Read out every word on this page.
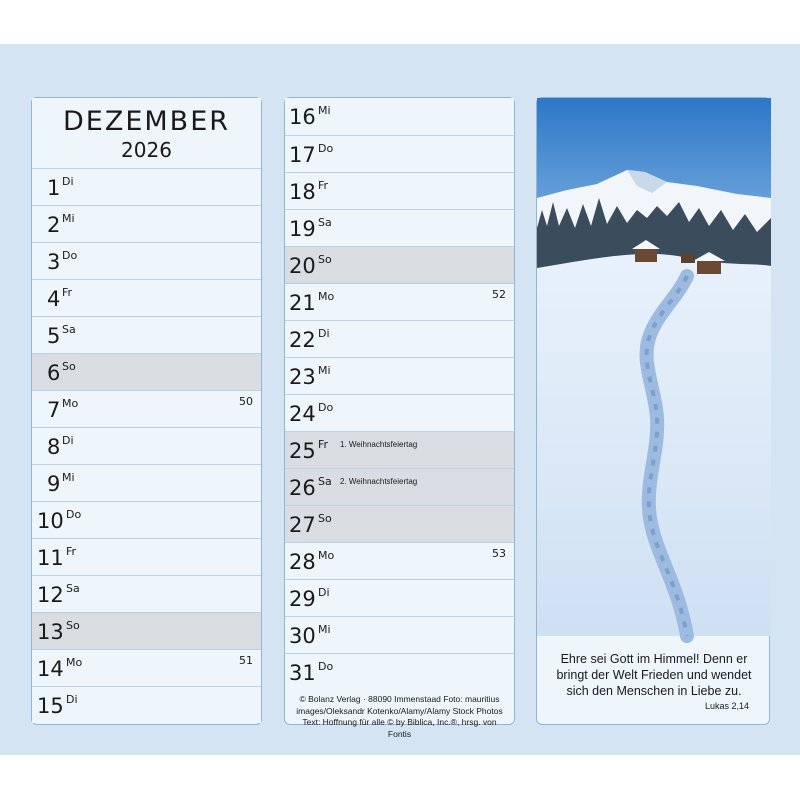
DEZEMBER
2026
1 Di
2 Mi
3 Do
4 Fr
5 Sa
6 So
7 Mo	50
8 Di
9 Mi
10 Do
11 Fr
12 Sa
13 So
14 Mo	51
15 Di
16 Mi
17 Do
18 Fr
19 Sa
20 So
21 Mo	52
22 Di
23 Mi
24 Do
25 Fr 1. Weihnachtsfeiertag
26 Sa 2. Weihnachtsfeiertag
27 So
28 Mo	53
29 Di
30 Mi
31 Do
© Bolanz Verlag · 88090 Immenstaad Foto: mauritius
images/Oleksandr Kotenko/Alamy/Alamy Stock Photos
Text: Hoffnung für alle © by Biblica, Inc.®, hrsg. von Fontis
Ehre sei Gott im Himmel! Denn er
bringt der Welt Frieden und wendet
sich den Menschen in Liebe zu.
Lukas 2,14
